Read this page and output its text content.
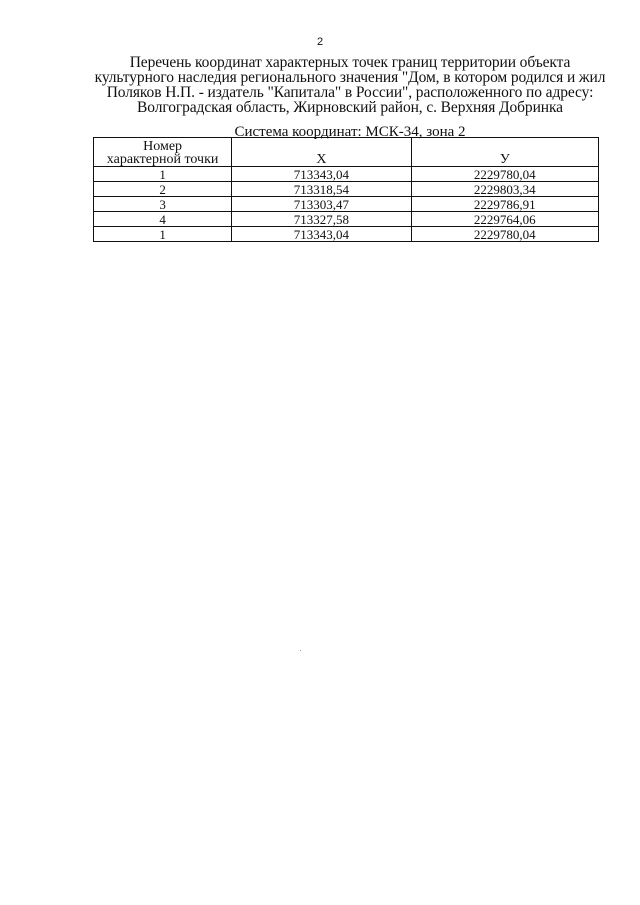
2
Перечень координат характерных точек границ территории объекта
культурного наследия регионального значения "Дом, в котором родился и жил
Поляков Н.П. - издатель "Капитала" в России", расположенного по адресу:
Волгоградская область, Жирновский район, с. Верхняя Добринка
Система координат: МСК-34, зона 2
Номер
характерной точки	Х	У
1	713343,04	2229780,04
2	713318,54	2229803,34
3	713303,47	2229786,91
4	713327,58	2229764,06
1	713343,04	2229780,04
